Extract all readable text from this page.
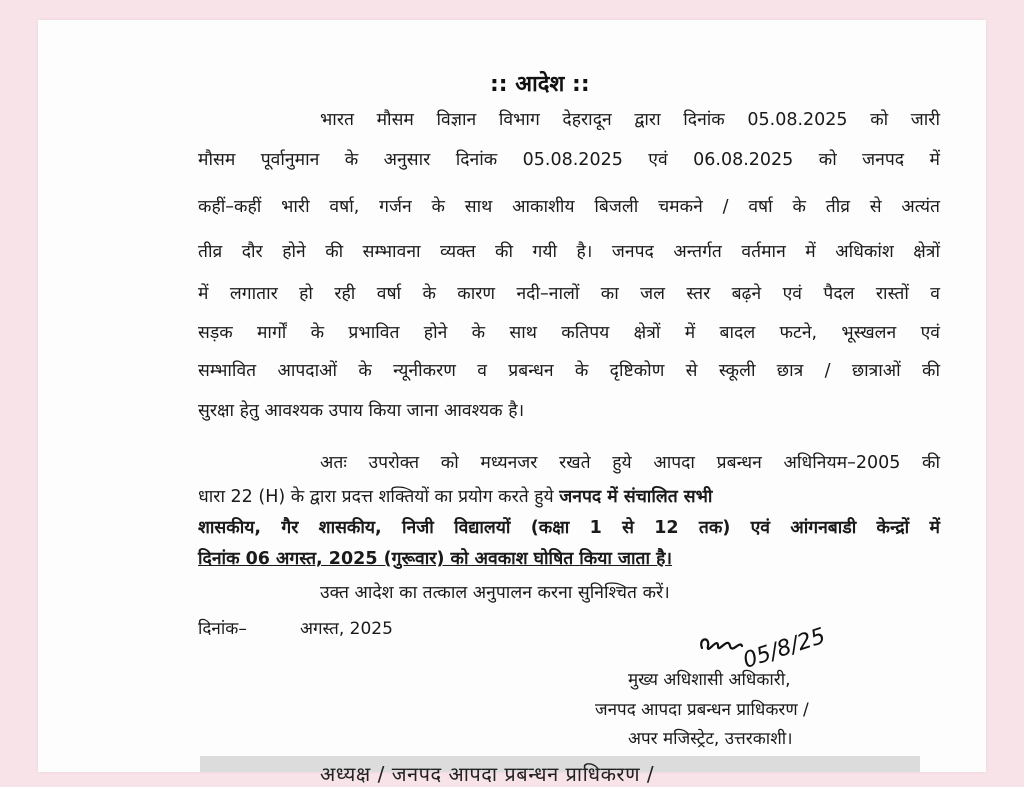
:: आदेश ::
भारत मौसम विज्ञान विभाग देहरादून द्वारा दिनांक 05.08.2025 को जारी
मौसम पूर्वानुमान के अनुसार दिनांक 05.08.2025 एवं 06.08.2025 को जनपद में
कहीं–कहीं भारी वर्षा, गर्जन के साथ आकाशीय बिजली चमकने / वर्षा के तीव्र से अत्यंत
तीव्र दौर होने की सम्भावना व्यक्त की गयी है। जनपद अन्तर्गत वर्तमान में अधिकांश क्षेत्रों
में लगातार हो रही वर्षा के कारण नदी–नालों का जल स्तर बढ़ने एवं पैदल रास्तों व
सड़क मार्गों के प्रभावित होने के साथ कतिपय क्षेत्रों में बादल फटने, भूस्खलन एवं
सम्भावित आपदाओं के न्यूनीकरण व प्रबन्धन के दृष्टिकोण से स्कूली छात्र / छात्राओं की
सुरक्षा हेतु आवश्यक उपाय किया जाना आवश्यक है।
अतः उपरोक्त को मध्यनजर रखते हुये आपदा प्रबन्धन अधिनियम–2005 की
धारा 22 (H) के द्वारा प्रदत्त शक्तियों का प्रयोग करते हुये जनपद में संचालित सभी
शासकीय, गैर शासकीय, निजी विद्यालयों (कक्षा 1 से 12 तक) एवं आंगनबाडी केन्द्रों में
दिनांक 06 अगस्त, 2025 (गुरूवार) को अवकाश घोषित किया जाता है।
उक्त आदेश का तत्काल अनुपालन करना सुनिश्चित करें।
दिनांक–	अगस्त, 2025	05/8/25
मुख्य अधिशासी अधिकारी,
जनपद आपदा प्रबन्धन प्राधिकरण /
अपर मजिस्ट्रेट, उत्तरकाशी।
अध्यक्ष / जनपद आपदा प्रबन्धन प्राधिकरण /
